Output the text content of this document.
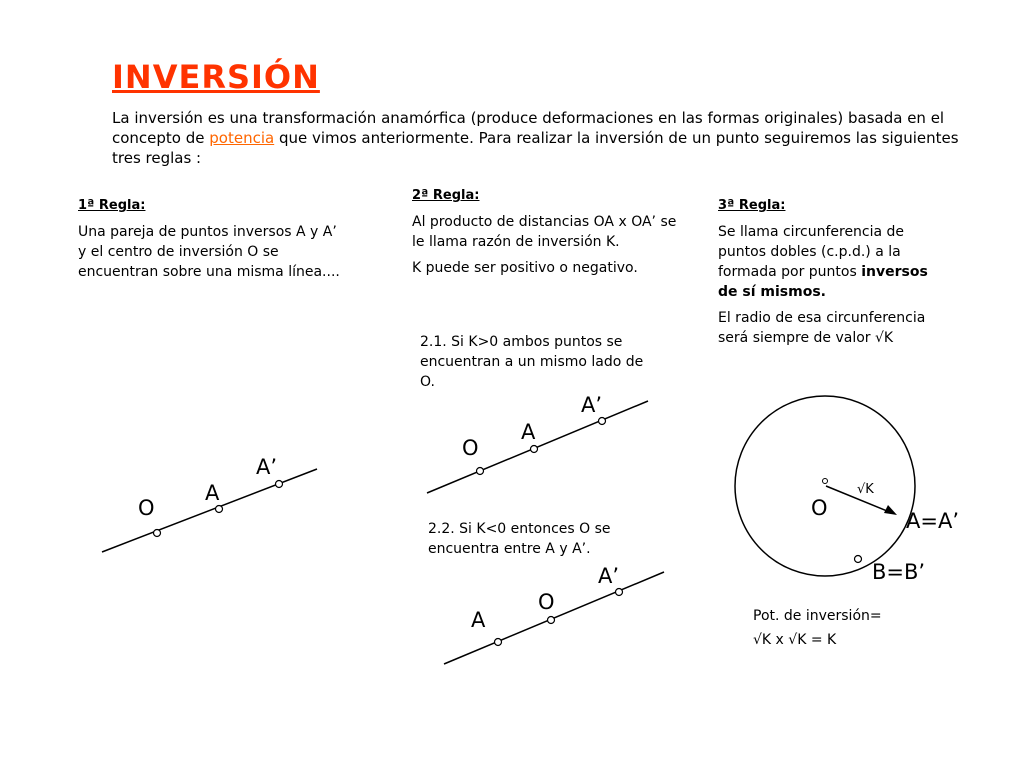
INVERSIÓN
La inversión es una transformación anamórfica (produce deformaciones en las formas originales) basada en el concepto de potencia que vimos anteriormente. Para realizar la inversión de un punto seguiremos las siguientes tres reglas :
1ª Regla:

Una pareja de puntos inversos A y A’ y el centro de inversión O se encuentran sobre una misma línea....

2ª Regla:

Al producto de distancias OA x OA’ se le llama razón de inversión K.

K puede ser positivo o negativo.

2.1. Si K>0 ambos puntos se encuentran a un mismo lado de O.
2.2. Si K<0 entonces O se encuentra entre A y A’.
3ª Regla:

Se llama circunferencia de puntos dobles (c.p.d.) a la formada por puntos inversos de sí mismos.

El radio de esa circunferencia será siempre de valor √K

Pot. de inversión=
√K x √K = K
O
A
A’
O
A
A’
A
O
A’
O
√K
A=A’
B=B’
